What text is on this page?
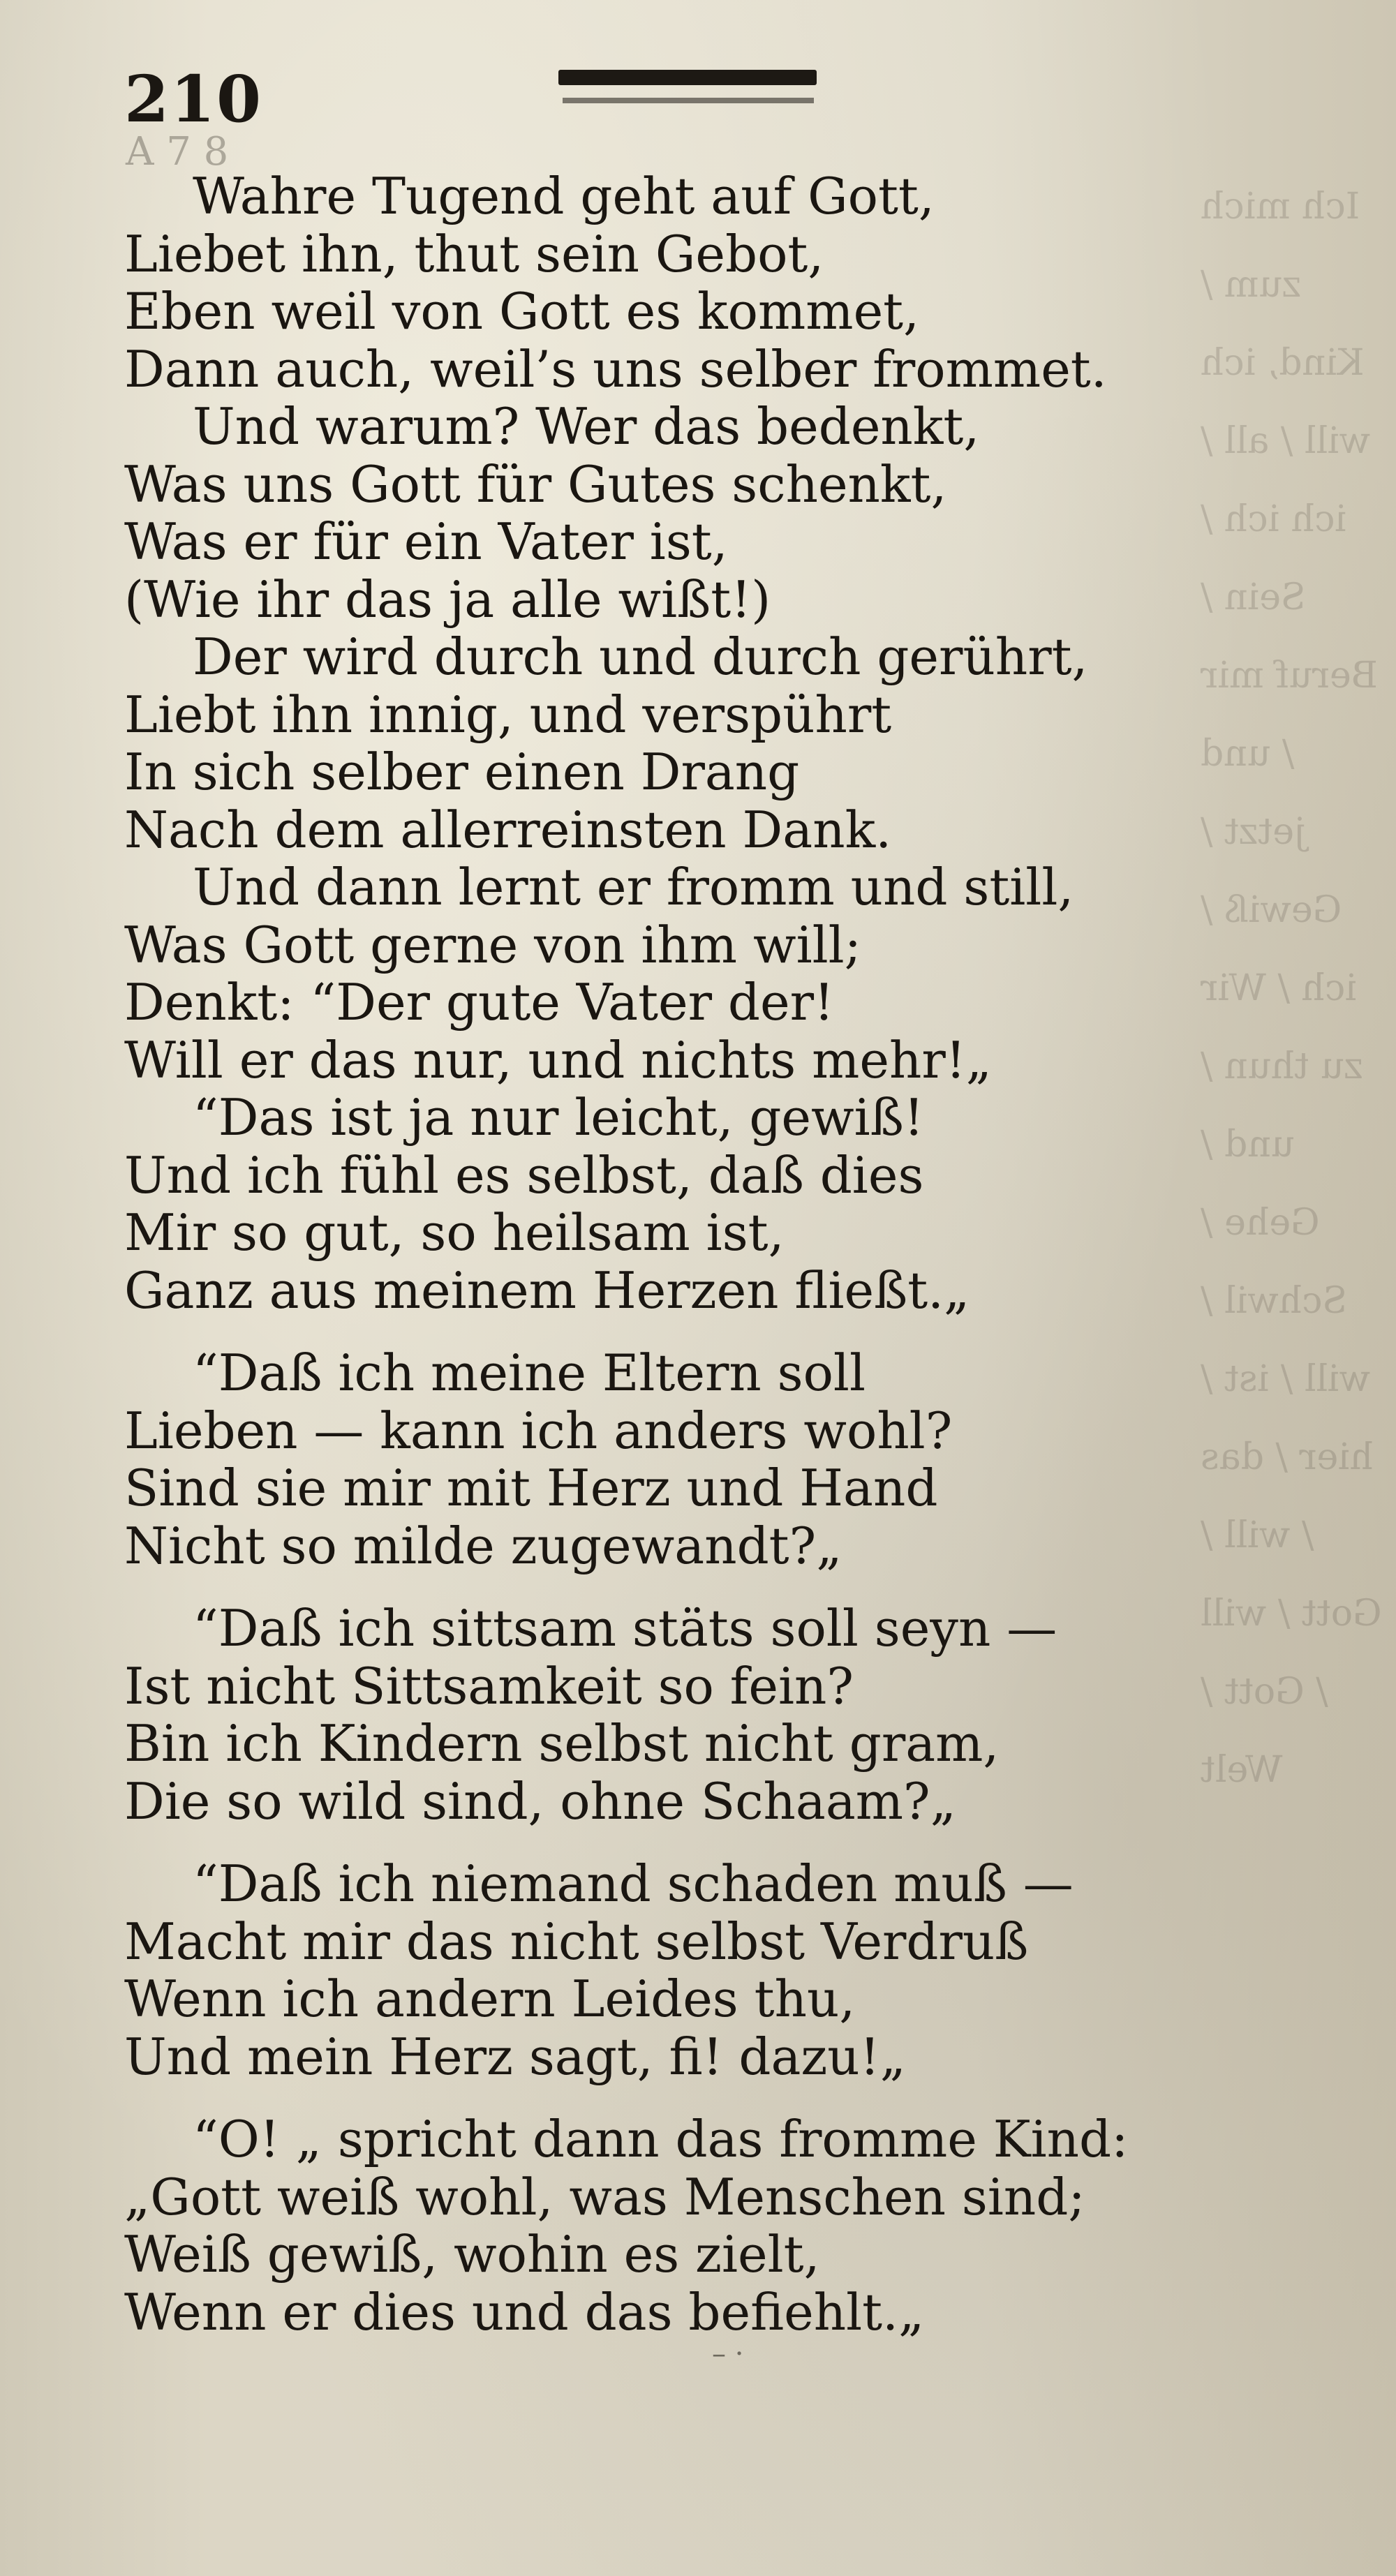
Ich mich zum / Kind, ich will / all / ich ich / Sein / Beruf mir / und jetzt / Gewiß / ich / Wir zu thun / und / Gehe / Schwil / will / ist / hier / das / will / Gott / will / Gott / Welt
210
A 7 8
Wahre Tugend geht auf Gott,
Liebet ihn, thut sein Gebot,
Eben weil von Gott es kommet,
Dann auch, weil’s uns selber frommet.
Und warum? Wer das bedenkt,
Was uns Gott für Gutes schenkt,
Was er für ein Vater ist,
(Wie ihr das ja alle wißt!)
Der wird durch und durch gerührt,
Liebt ihn innig, und verspührt
In sich selber einen Drang
Nach dem allerreinsten Dank.
Und dann lernt er fromm und still,
Was Gott gerne von ihm will;
Denkt: “Der gute Vater der!
Will er das nur, und nichts mehr!„
“Das ist ja nur leicht, gewiß!
Und ich fühl es selbst, daß dies
Mir so gut, so heilsam ist,
Ganz aus meinem Herzen fließt.„
“Daß ich meine Eltern soll
Lieben — kann ich anders wohl?
Sind sie mir mit Herz und Hand
Nicht so milde zugewandt?„
“Daß ich sittsam stäts soll seyn —
Ist nicht Sittsamkeit so fein?
Bin ich Kindern selbst nicht gram,
Die so wild sind, ohne Schaam?„
“Daß ich niemand schaden muß —
Macht mir das nicht selbst Verdruß
Wenn ich andern Leides thu,
Und mein Herz sagt, fi! dazu!„
“O! „ spricht dann das fromme Kind:
„Gott weiß wohl, was Menschen sind;
Weiß gewiß, wohin es zielt,
Wenn er dies und das befiehlt.„
– ·
